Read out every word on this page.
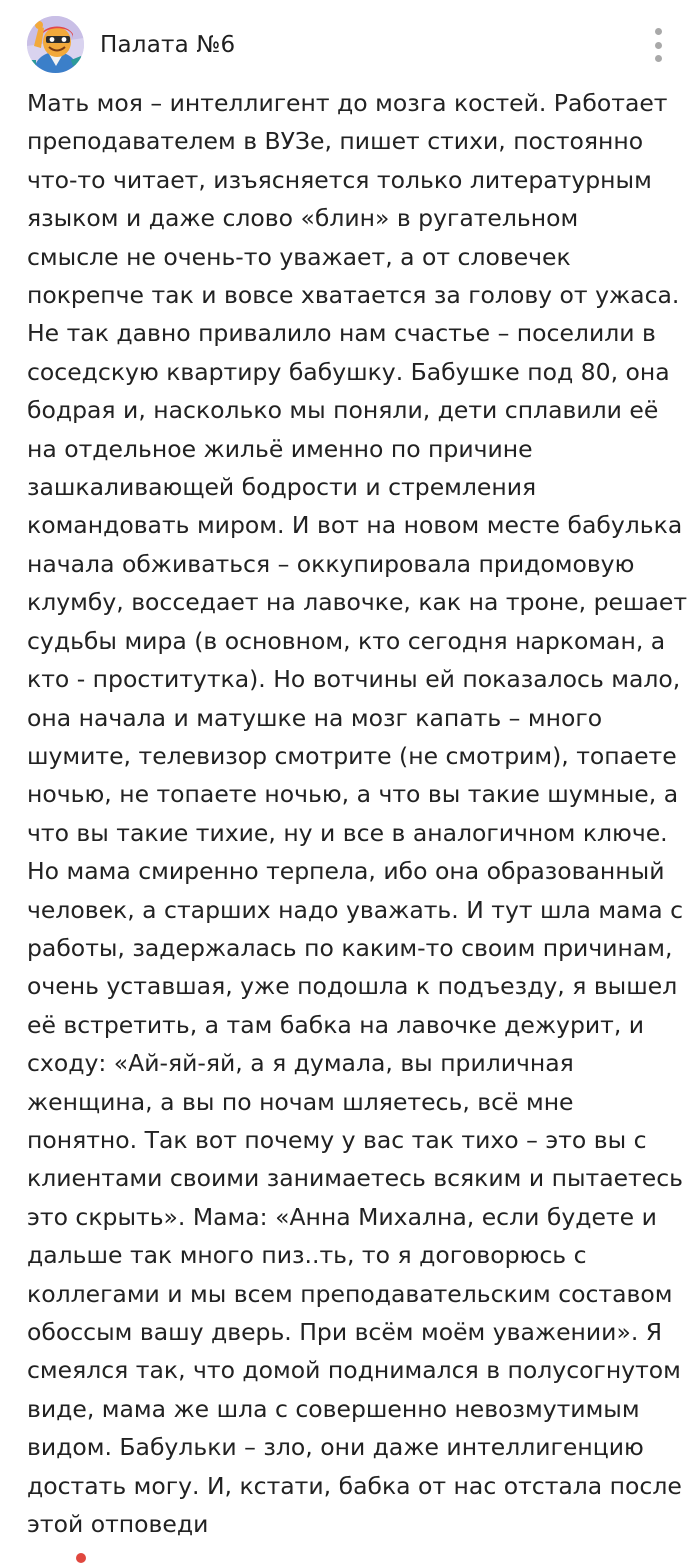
Палата №6

Мать моя – интеллигент до мозга костей. Работает
преподавателем в ВУЗе, пишет стихи, постоянно
что-то читает, изъясняется только литературным
языком и даже слово «блин» в ругательном
смысле не очень-то уважает, а от словечек
покрепче так и вовсе хватается за голову от ужаса.
Не так давно привалило нам счастье – поселили в
соседскую квартиру бабушку. Бабушке под 80, она
бодрая и, насколько мы поняли, дети сплавили её
на отдельное жильё именно по причине
зашкаливающей бодрости и стремления
командовать миром. И вот на новом месте бабулька
начала обживаться – оккупировала придомовую
клумбу, восседает на лавочке, как на троне, решает
судьбы мира (в основном, кто сегодня наркоман, а
кто - проститутка). Но вотчины ей показалось мало,
она начала и матушке на мозг капать – много
шумите, телевизор смотрите (не смотрим), топаете
ночью, не топаете ночью, а что вы такие шумные, а
что вы такие тихие, ну и все в аналогичном ключе.
Но мама смиренно терпела, ибо она образованный
человек, а старших надо уважать. И тут шла мама с
работы, задержалась по каким-то своим причинам,
очень уставшая, уже подошла к подъезду, я вышел
её встретить, а там бабка на лавочке дежурит, и
сходу: «Ай-яй-яй, а я думала, вы приличная
женщина, а вы по ночам шляетесь, всё мне
понятно. Так вот почему у вас так тихо – это вы с
клиентами своими занимаетесь всяким и пытаетесь
это скрыть». Мама: «Анна Михална, если будете и
дальше так много пиз..ть, то я договорюсь с
коллегами и мы всем преподавательским составом
обоссым вашу дверь. При всём моём уважении». Я
смеялся так, что домой поднимался в полусогнутом
виде, мама же шла с совершенно невозмутимым
видом. Бабульки – зло, они даже интеллигенцию
достать могу. И, кстати, бабка от нас отстала после
этой отповеди
